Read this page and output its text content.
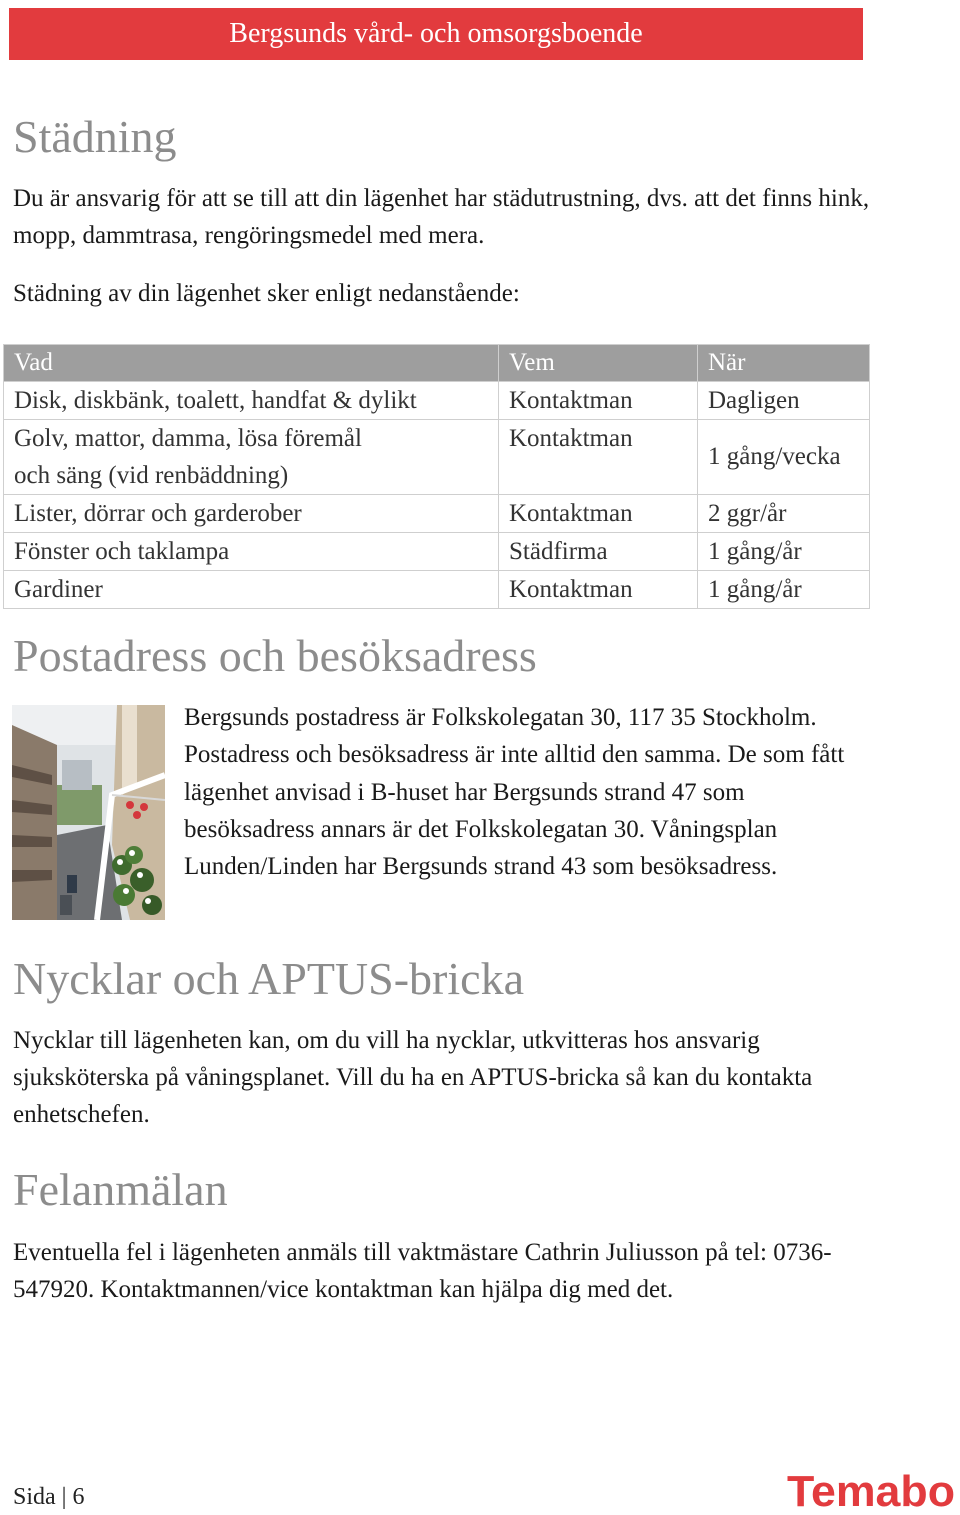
Bergsunds vård- och omsorgsboende
Städning

Du är ansvarig för att se till att din lägenhet har städutrustning, dvs. att det finns hink, mopp, dammtrasa, rengöringsmedel med mera.

Städning av din lägenhet sker enligt nedanstående:

Vad	Vem	När
Disk, diskbänk, toalett, handfat & dylikt	Kontaktman	Dagligen
Golv, mattor, damma, lösa föremål
och säng (vid renbäddning)	Kontaktman	1 gång/vecka
Lister, dörrar och garderober	Kontaktman	2 ggr/år
Fönster och taklampa	Städfirma	1 gång/år
Gardiner	Kontaktman	1 gång/år
Postadress och besöksadress

Bergsunds postadress är Folkskolegatan 30, 117 35 Stockholm. Postadress och besöksadress är inte alltid den samma. De som fått lägenhet anvisad i B-huset har Bergsunds strand 47 som besöksadress annars är det Folkskolegatan 30. Våningsplan Lunden/Linden har Bergsunds strand 43 som besöksadress.

Nycklar och APTUS-bricka

Nycklar till lägenheten kan, om du vill ha nycklar, utkvitteras hos ansvarig sjuksköterska på våningsplanet. Vill du ha en APTUS-bricka så kan du kontakta enhetschefen.

Felanmälan

Eventuella fel i lägenheten anmäls till vaktmästare Cathrin Juliusson på tel: 0736-547920. Kontaktmannen/vice kontaktman kan hjälpa dig med det.

Sida | 6	Temabo
